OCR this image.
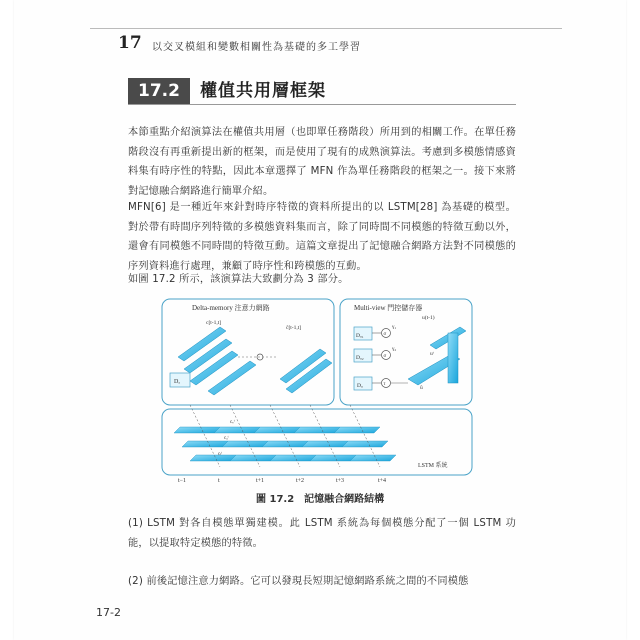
17 以交叉模組和變數相關性為基礎的多工學習
17.2	權值共用層框架
本節重點介紹演算法在權值共用層（也即單任務階段）所用到的相關工作。在單任務階段沒有再重新提出新的框架，而是使用了現有的成熟演算法。考慮到多模態情感資料集有時序性的特點，因此本章選擇了 MFN 作為單任務階段的框架之一。接下來將對記憶融合網路進行簡單介紹。
MFN[6] 是一種近年來針對時序特徵的資料所提出的以 LSTM[28] 為基礎的模型。對於帶有時間序列特徵的多模態資料集而言，除了同時間不同模態的特徵互動以外，還會有同模態不同時間的特徵互動。這篇文章提出了記憶融合網路方法對不同模態的序列資料進行處理，兼顧了時序性和跨模態的互動。
如圖 17.2 所示，該演算法大致劃分為 3 部分。
Delta-memory 注意力網路
c[t-1,t]
ĉ[t-1,t]
Dₐ
Multi-view 門控儲存器
u(t-1)
Dᵤ₁
Dᵤ₂
Dᵤ
γ₁
γ₂
σ
σ
τ
uᵗ
û
cᵥᵗ
cₐᵗ
cₗᵗ
LSTM 系統
t−1	t	t+1	t+2	t+3	t+4
圖 17.2　記憶融合網路結構
(1) LSTM 對各自模態單獨建模。此 LSTM 系統為每個模態分配了一個 LSTM 功能，以提取特定模態的特徵。
(2) 前後記憶注意力網路。它可以發現長短期記憶網路系統之間的不同模態
17-2
